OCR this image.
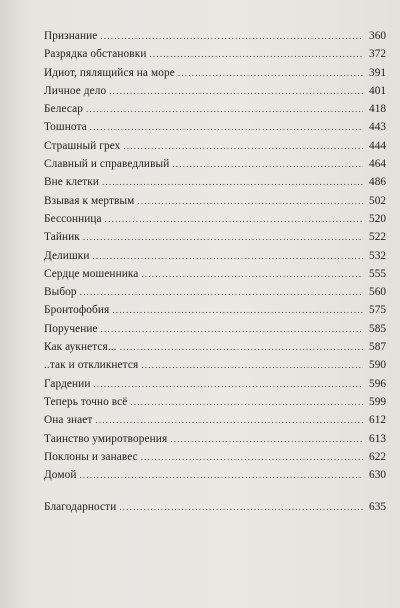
Признание .....	360
Разрядка обстановки .....	372
Идиот, пялящийся на море .....	391
Личное дело .....	401
Белесар .....	418
Тошнота .....	443
Страшный грех .....	444
Славный и справедливый .....	464
Вне клетки .....	486
Взывая к мертвым .....	502
Бессонница .....	520
Тайник .....	522
Делишки .....	532
Сердце мошенника .....	555
Выбор .....	560
Бронтофобия .....	575
Поручение .....	585
Как аукнется... .....	587
..так и откликнется .....	590
Гардении .....	596
Теперь точно всё .....	599
Она знает .....	612
Таинство умиротворения .....	613
Поклоны и занавес .....	622
Домой .....	630
Благодарности .....	635
